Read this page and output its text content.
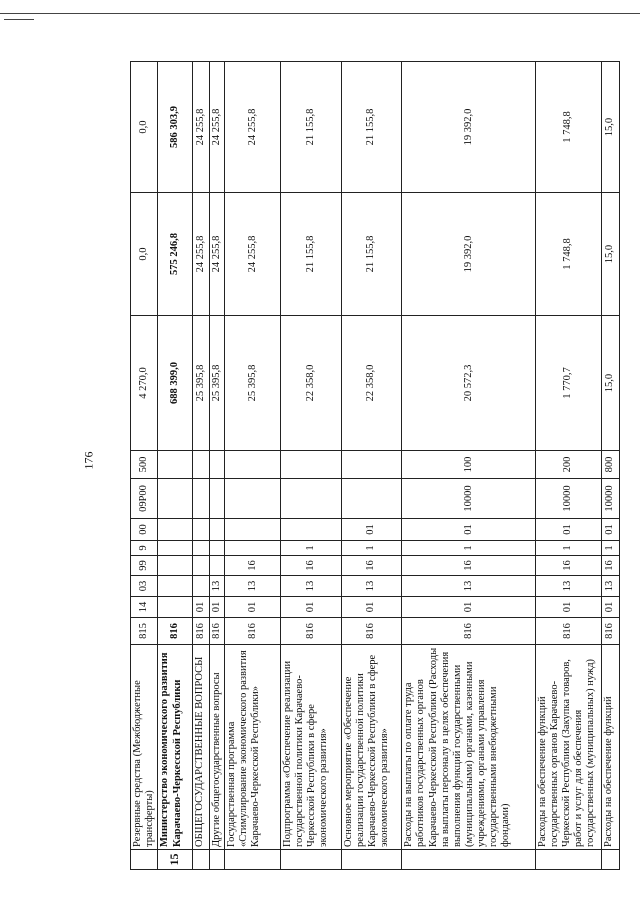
176
	Резервные средства (Межбюджетные трансферты)	815	14	03	99	9	00	09Р00	500	4 270,0	0,0	0,0
15	Министерство экономического развития Карачаево-Черкесской Республики	816								688 399,0	575 246,8	586 303,9
	ОБЩЕГОСУДАРСТВЕННЫЕ ВОПРОСЫ	816	01							25 395,8	24 255,8	24 255,8
	Другие общегосударственные вопросы	816	01	13						25 395,8	24 255,8	24 255,8
	Государственная программа «Стимулирование экономического развития Карачаево-Черкесской Республики»	816	01	13	16					25 395,8	24 255,8	24 255,8
	Подпрограмма «Обеспечение реализации государственной политики Карачаево-Черкесской Республики в сфере экономического развития»	816	01	13	16	1				22 358,0	21 155,8	21 155,8
	Основное мероприятие «Обеспечение реализации государственной политики Карачаево-Черкесской Республики в сфере экономического развития»	816	01	13	16	1	01			22 358,0	21 155,8	21 155,8
	Расходы на выплаты по оплате труда работников государственных органов Карачаево-Черкесской Республики (Расходы на выплаты персоналу в целях обеспечения выполнения функций государственными (муниципальными) органами, казенными учреждениями, органами управления государственными внебюджетными фондами)	816	01	13	16	1	01	10000	100	20 572,3	19 392,0	19 392,0
	Расходы на обеспечение функций государственных органов Карачаево-Черкесской Республики (Закупка товаров, работ и услуг для обеспечения государственных (муниципальных) нужд)	816	01	13	16	1	01	10000	200	1 770,7	1 748,8	1 748,8
	Расходы на обеспечение функций	816	01	13	16	1	01	10000	800	15,0	15,0	15,0
